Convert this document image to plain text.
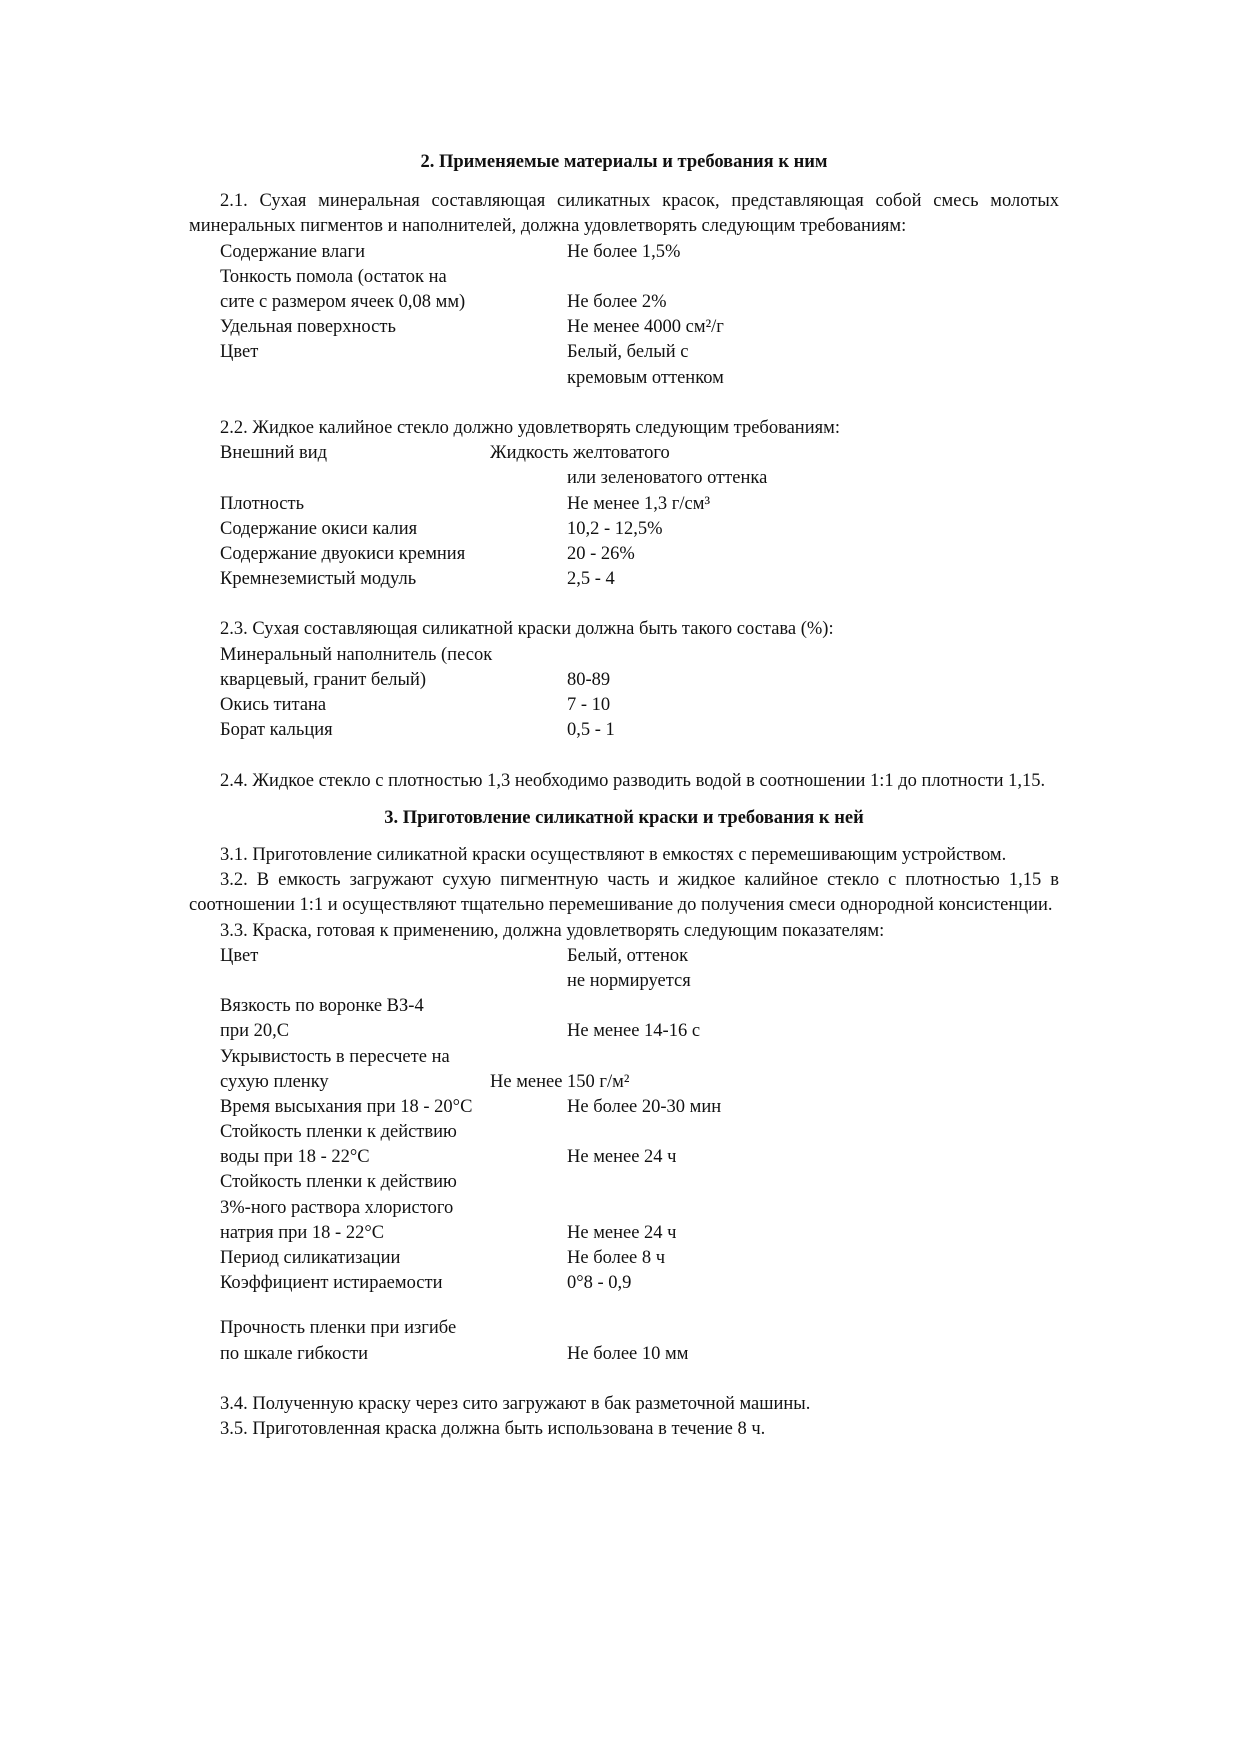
2. Применяемые материалы и требования к ним

2.1. Сухая минеральная составляющая силикатных красок, представляющая собой смесь молотых минеральных пигментов и наполнителей, должна удовлетворять следующим требованиям:

Содержание влаги	Не более 1,5%
Тонкость помола (остаток на
сите с размером ячеек 0,08 мм)	Не более 2%
Удельная поверхность	Не менее 4000 см²/г
Цвет	Белый, белый с
кремовым оттенком

2.2. Жидкое калийное стекло должно удовлетворять следующим требованиям:

Внешний вид	Жидкость желтоватого
или зеленоватого оттенка
Плотность	Не менее 1,3 г/см³
Содержание окиси калия	10,2 - 12,5%
Содержание двуокиси кремния	20 - 26%
Кремнеземистый модуль	2,5 - 4

2.3. Сухая составляющая силикатной краски должна быть такого состава (%):

Минеральный наполнитель (песок
кварцевый, гранит белый)	80-89
Окись титана	7 - 10
Борат кальция	0,5 - 1

2.4. Жидкое стекло с плотностью 1,3 необходимо разводить водой в соотношении 1:1 до плотности 1,15.

3. Приготовление силикатной краски и требования к ней

3.1. Приготовление силикатной краски осуществляют в емкостях с перемешивающим устройством.

3.2. В емкость загружают сухую пигментную часть и жидкое калийное стекло с плотностью 1,15 в соотношении 1:1 и осуществляют тщательно перемешивание до получения смеси однородной консистенции.

3.3. Краска, готовая к применению, должна удовлетворять следующим показателям:

Цвет	Белый, оттенок
не нормируется
Вязкость по воронке ВЗ-4
при 20,С	Не менее 14-16 с
Укрывистость в пересчете на
сухую пленку	Не менее 150 г/м²
Время высыхания при 18 - 20°С	Не более 20-30 мин
Стойкость пленки к действию
воды при 18 - 22°С	Не менее 24 ч
Стойкость пленки к действию
3%-ного раствора хлористого
натрия при 18 - 22°С	Не менее 24 ч
Период силикатизации	Не более 8 ч
Коэффициент истираемости	0°8 - 0,9
Прочность пленки при изгибе
по шкале гибкости	Не более 10 мм

3.4. Полученную краску через сито загружают в бак разметочной машины.

3.5. Приготовленная краска должна быть использована в течение 8 ч.
